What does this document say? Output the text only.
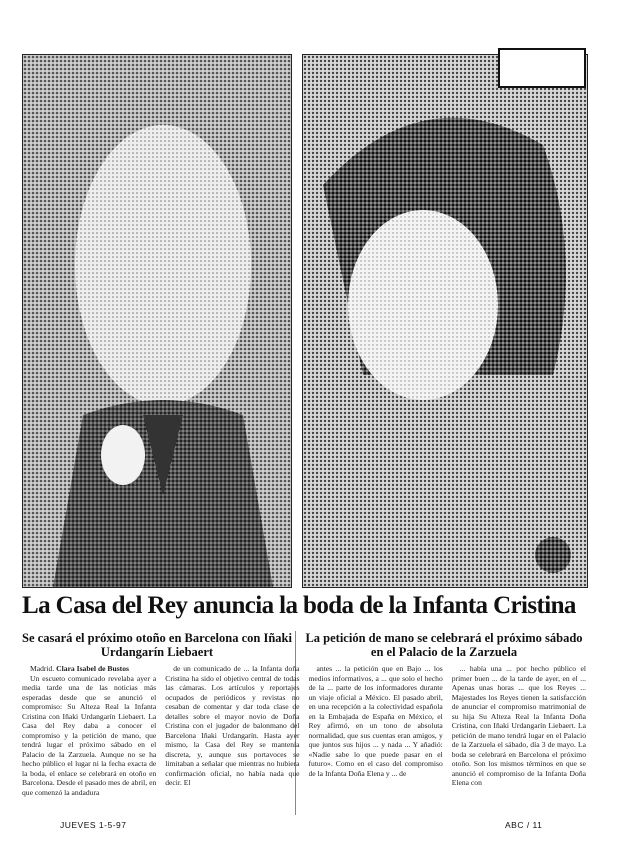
La Casa del Rey anuncia la boda de la Infanta Cristina
Se casará el próximo otoño en Barcelona con Iñaki Urdangarín Liebaert
La petición de mano se celebrará el próximo sábado en el Palacio de la Zarzuela

Madrid. Clara Isabel de Bustos

Un escueto comunicado revelaba ayer a media tarde una de las noticias más esperadas desde que se anunció el compromiso: Su Alteza Real la Infanta Cristina con Iñaki Urdangarín Liebaert. La Casa del Rey daba a conocer el compromiso y la petición de mano, que tendrá lugar el próximo sábado en el Palacio de la Zarzuela. Aunque no se ha hecho público el lugar ni la fecha exacta de la boda, el enlace se celebrará en otoño en Barcelona. Desde el pasado mes de abril, en que comenzó la andadura

de un comunicado de ... la Infanta doña Cristina ha sido el objetivo central de todas las cámaras. Los artículos y reportajes ocupados de periódicos y revistas no cesaban de comentar y dar toda clase de detalles sobre el mayor novio de Doña Cristina con el jugador de balonmano del Barcelona Iñaki Urdangarín. Hasta ayer mismo, la Casa del Rey se mantenía discreta, y, aunque sus portavoces se limitaban a señalar que mientras no hubiera confirmación oficial, no había nada que decir. El

antes ... la petición que en Bajo ... los medios informativos, a ... que solo el hecho de la ... parte de los informadores durante un viaje oficial a México. El pasado abril, en una recepción a la colectividad española en la Embajada de España en México, el Rey afirmó, en un tono de absoluta normalidad, que sus cuentas eran amigos, y que juntos sus hijos ... y nada ... Y añadió: «Nadie sabe lo que puede pasar en el futuro». Como en el caso del compromiso de la Infanta Doña Elena y ... de

... había una ... por hecho público el primer buen ... de la tarde de ayer, en el ... Apenas unas horas ... que los Reyes ... Majestades los Reyes tienen la satisfacción de anunciar el compromiso matrimonial de su hija Su Alteza Real la Infanta Doña Cristina, con Iñaki Urdangarín Liebaert. La petición de mano tendrá lugar en el Palacio de la Zarzuela el sábado, día 3 de mayo. La boda se celebrará en Barcelona el próximo otoño. Son los mismos términos en que se anunció el compromiso de la Infanta Doña Elena con

JUEVES 1-5-97	ABC / 11
